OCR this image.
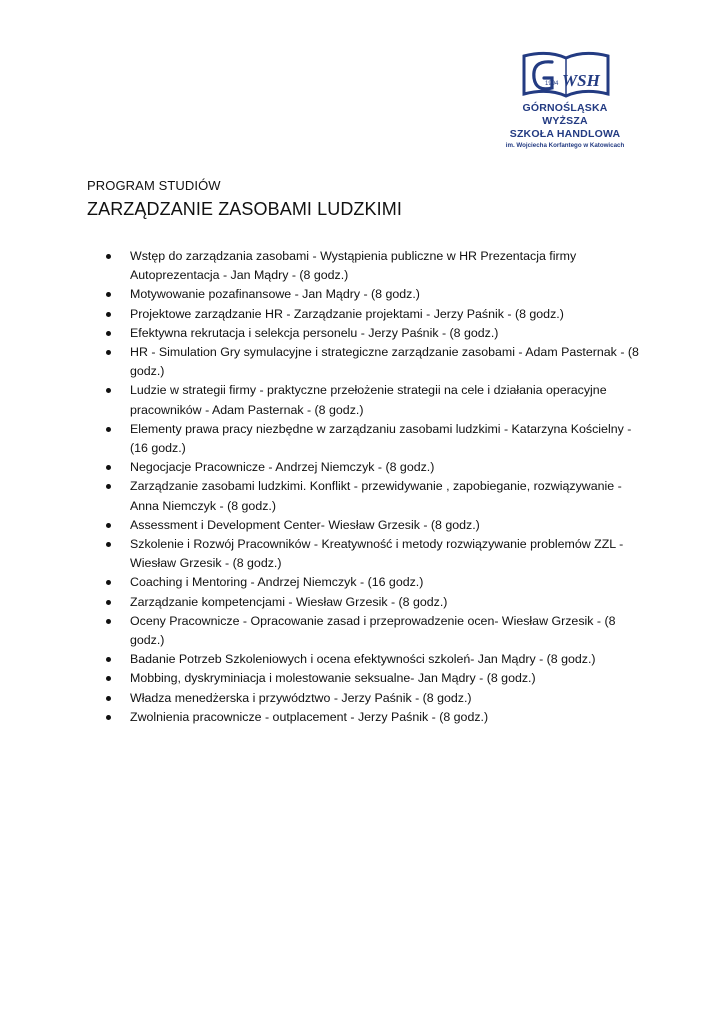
1994 WSH
GÓRNOŚLĄSKA WYŻSZA
SZKOŁA HANDLOWA
im. Wojciecha Korfantego w Katowicach
PROGRAM STUDIÓW
ZARZĄDZANIE ZASOBAMI LUDZKIMI
Wstęp do zarządzania zasobami - Wystąpienia publiczne w HR Prezentacja firmy Autoprezentacja - Jan Mądry - (8 godz.)
Motywowanie pozafinansowe - Jan Mądry - (8 godz.)
Projektowe zarządzanie HR - Zarządzanie projektami - Jerzy Paśnik - (8 godz.)
Efektywna rekrutacja i selekcja personelu - Jerzy Paśnik - (8 godz.)
HR - Simulation Gry symulacyjne i strategiczne zarządzanie zasobami - Adam Pasternak - (8 godz.)
Ludzie w strategii firmy - praktyczne przełożenie strategii na cele i działania operacyjne pracowników - Adam Pasternak - (8 godz.)
Elementy prawa pracy niezbędne w zarządzaniu zasobami ludzkimi - Katarzyna Kościelny - (16 godz.)
Negocjacje Pracownicze - Andrzej Niemczyk - (8 godz.)
Zarządzanie zasobami ludzkimi. Konflikt - przewidywanie , zapobieganie, rozwiązywanie - Anna Niemczyk - (8 godz.)
Assessment i Development Center- Wiesław Grzesik - (8 godz.)
Szkolenie i Rozwój Pracowników - Kreatywność i metody rozwiązywanie problemów ZZL - Wiesław Grzesik - (8 godz.)
Coaching i Mentoring - Andrzej Niemczyk - (16 godz.)
Zarządzanie kompetencjami - Wiesław Grzesik - (8 godz.)
Oceny Pracownicze - Opracowanie zasad i przeprowadzenie ocen- Wiesław Grzesik - (8 godz.)
Badanie Potrzeb Szkoleniowych i ocena efektywności szkoleń- Jan Mądry - (8 godz.)
Mobbing, dyskryminiacja i molestowanie seksualne- Jan Mądry - (8 godz.)
Władza menedżerska i przywództwo - Jerzy Paśnik - (8 godz.)
Zwolnienia pracownicze - outplacement - Jerzy Paśnik - (8 godz.)
